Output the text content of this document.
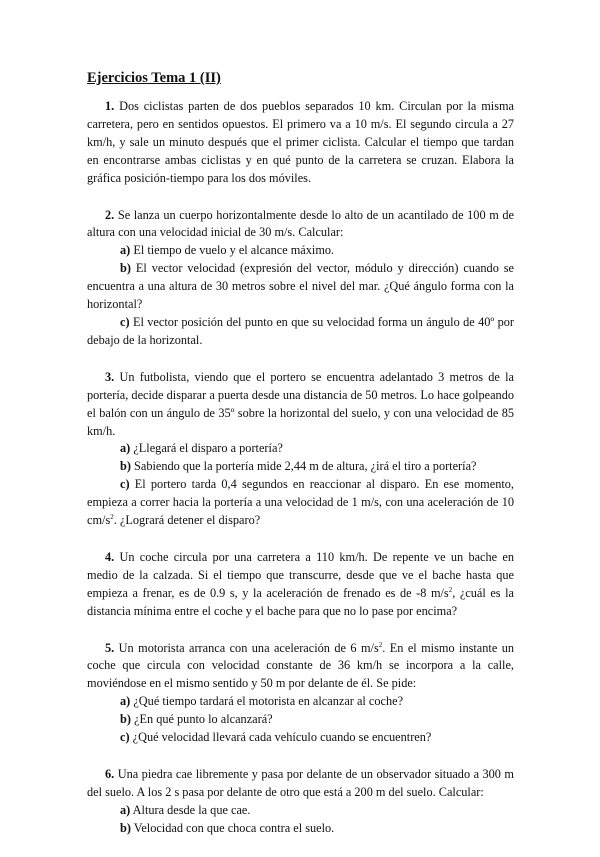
Ejercicios Tema 1 (II)

1. Dos ciclistas parten de dos pueblos separados 10 km. Circulan por la misma carretera, pero en sentidos opuestos. El primero va a 10 m/s. El segundo circula a 27 km/h, y sale un minuto después que el primer ciclista. Calcular el tiempo que tardan en encontrarse ambas ciclistas y en qué punto de la carretera se cruzan. Elabora la gráfica posición-tiempo para los dos móviles.

2. Se lanza un cuerpo horizontalmente desde lo alto de un acantilado de 100 m de altura con una velocidad inicial de 30 m/s. Calcular:

a) El tiempo de vuelo y el alcance máximo.

b) El vector velocidad (expresión del vector, módulo y dirección) cuando se encuentra a una altura de 30 metros sobre el nivel del mar. ¿Qué ángulo forma con la horizontal?

c) El vector posición del punto en que su velocidad forma un ángulo de 40º por debajo de la horizontal.

3. Un futbolista, viendo que el portero se encuentra adelantado 3 metros de la portería, decide disparar a puerta desde una distancia de 50 metros. Lo hace golpeando el balón con un ángulo de 35º sobre la horizontal del suelo, y con una velocidad de 85 km/h.

a) ¿Llegará el disparo a portería?

b) Sabiendo que la portería mide 2,44 m de altura, ¿irá el tiro a portería?

c) El portero tarda 0,4 segundos en reaccionar al disparo. En ese momento, empieza a correr hacia la portería a una velocidad de 1 m/s, con una aceleración de 10 $cm/s^2$. ¿Logrará detener el disparo?

4. Un coche circula por una carretera a 110 km/h. De repente ve un bache en medio de la calzada. Si el tiempo que transcurre, desde que ve el bache hasta que empieza a frenar, es de 0.9 s, y la aceleración de frenado es de -8 $m/s^2$, ¿cuál es la distancia mínima entre el coche y el bache para que no lo pase por encima?

5. Un motorista arranca con una aceleración de 6 $m/s^2$. En el mismo instante un coche que circula con velocidad constante de 36 km/h se incorpora a la calle, moviéndose en el mismo sentido y 50 m por delante de él. Se pide:

a) ¿Qué tiempo tardará el motorista en alcanzar al coche?

b) ¿En qué punto lo alcanzará?

c) ¿Qué velocidad llevará cada vehículo cuando se encuentren?

6. Una piedra cae libremente y pasa por delante de un observador situado a 300 m del suelo. A los 2 s pasa por delante de otro que está a 200 m del suelo. Calcular:

a) Altura desde la que cae.

b) Velocidad con que choca contra el suelo.
